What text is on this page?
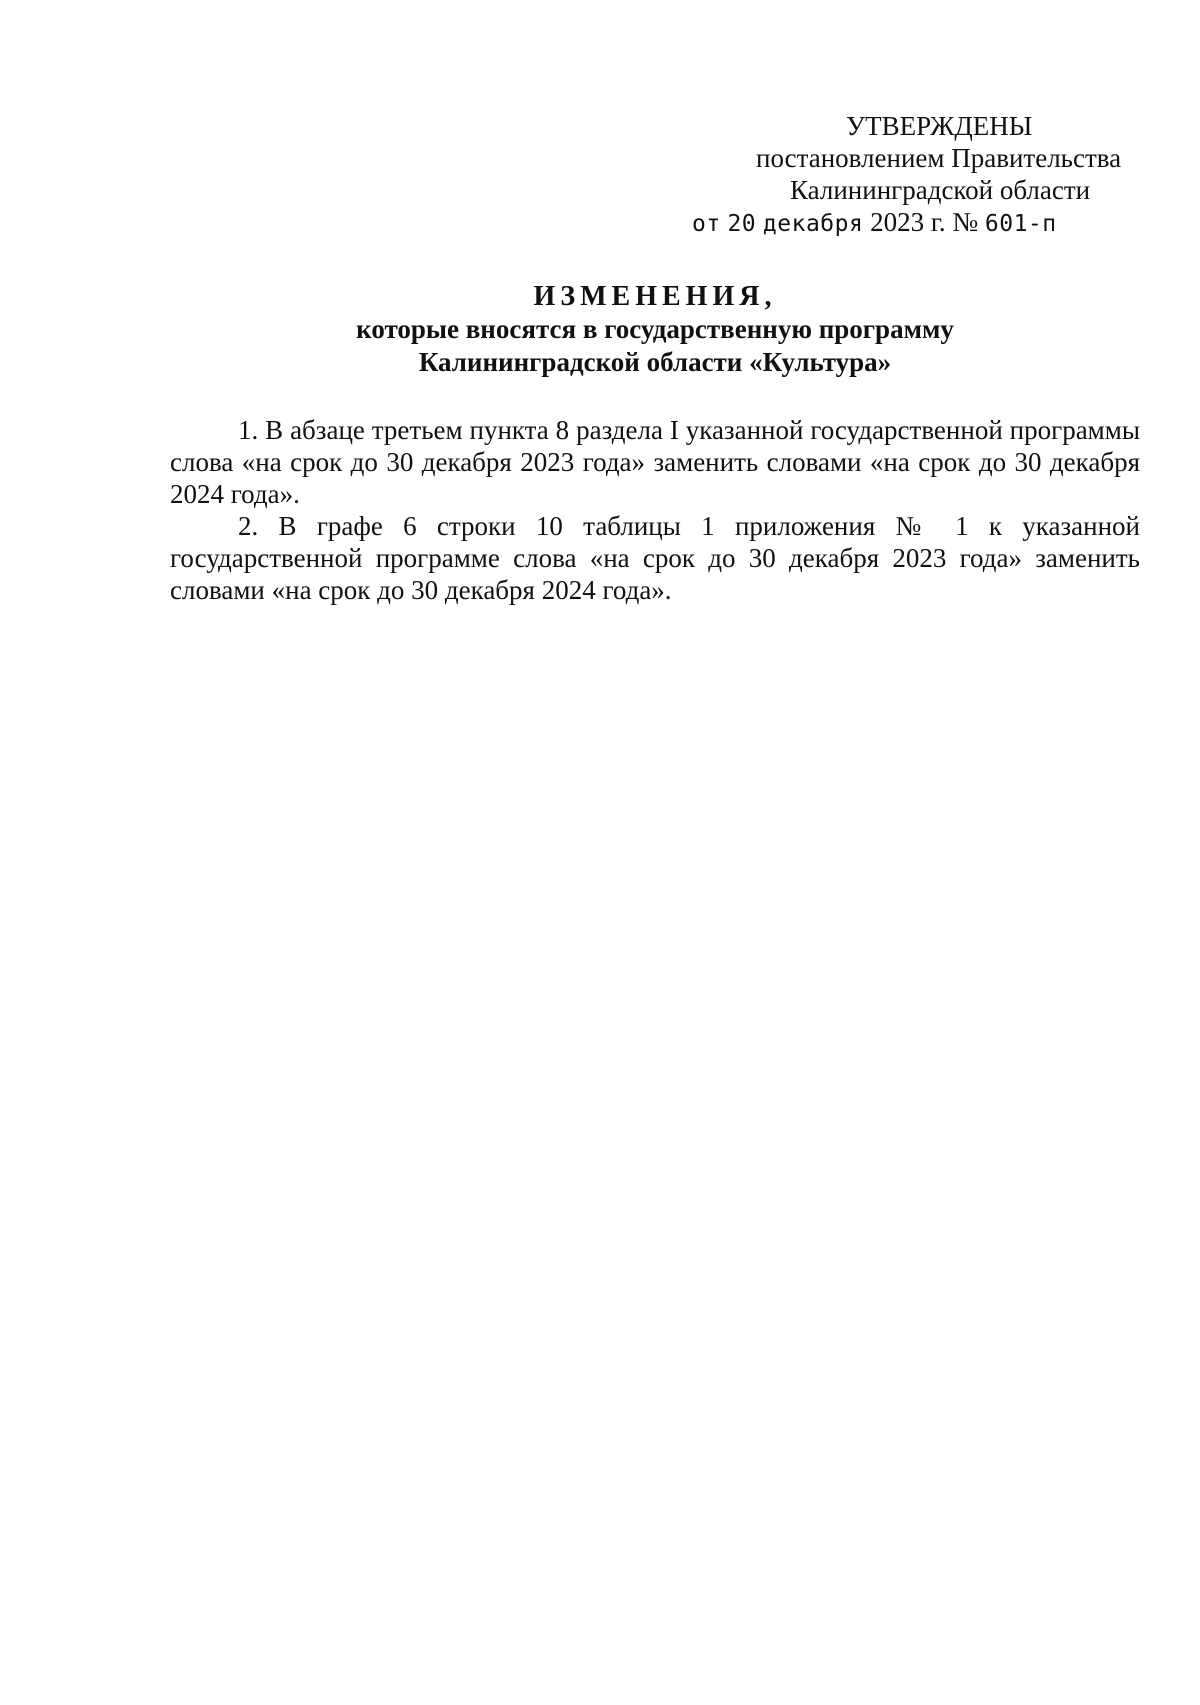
УТВЕРЖДЕНЫ
постановлением Правительства
Калининградской области
от 20 декабря 2023 г. № 601-п
ИЗМЕНЕНИЯ,
которые вносятся в государственную программу
Калининградской области «Культура»

1. В абзаце третьем пункта 8 раздела I указанной государственной программы слова «на срок до 30 декабря 2023 года» заменить словами «на срок до 30 декабря 2024 года».

2. В графе 6 строки 10 таблицы 1 приложения № 1 к указанной государственной программе слова «на срок до 30 декабря 2023 года» заменить словами «на срок до 30 декабря 2024 года».
